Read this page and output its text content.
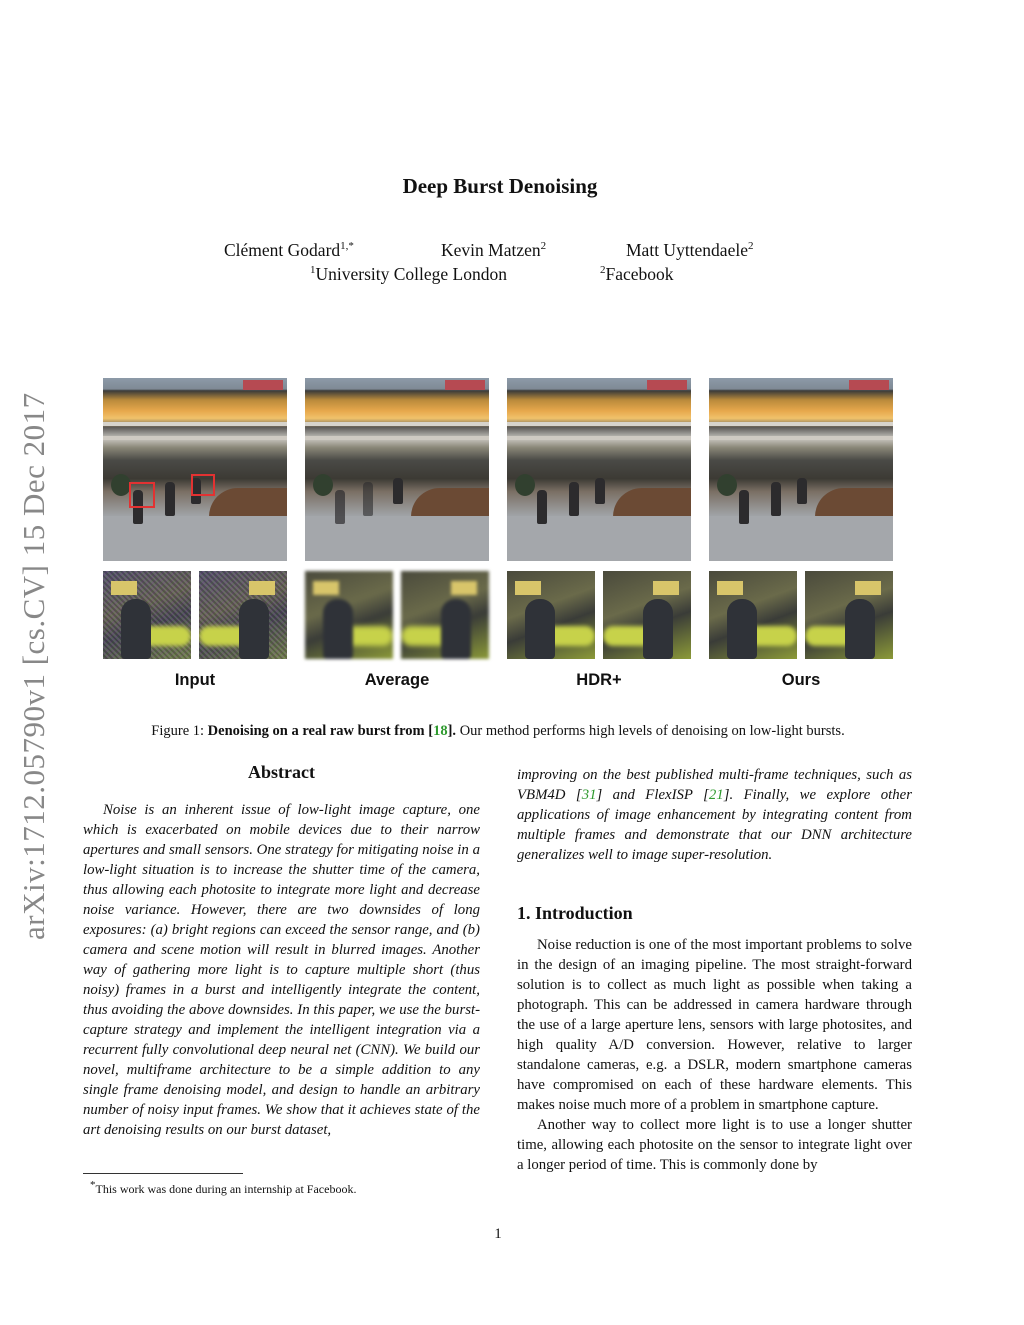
arXiv:1712.05790v1 [cs.CV] 15 Dec 2017
Deep Burst Denoising
Clément Godard$^{1,*}$	Kevin Matzen$^2$	Matt Uyttendaele$^2$
$^1$University College London	$^2$Facebook
Input	Average	HDR+	Ours
Figure 1: Denoising on a real raw burst from [18]. Our method performs high levels of denoising on low-light bursts.
Abstract

Noise is an inherent issue of low-light image capture, one which is exacerbated on mobile devices due to their narrow apertures and small sensors. One strategy for mitigating noise in a low-light situation is to increase the shutter time of the camera, thus allowing each photosite to integrate more light and decrease noise variance. However, there are two downsides of long exposures: (a) bright regions can exceed the sensor range, and (b) camera and scene motion will result in blurred images. Another way of gathering more light is to capture multiple short (thus noisy) frames in a burst and intelligently integrate the content, thus avoiding the above downsides. In this paper, we use the burst-capture strategy and implement the intelligent integration via a recurrent fully convolutional deep neural net (CNN). We build our novel, multiframe architecture to be a simple addition to any single frame denoising model, and design to handle an arbitrary number of noisy input frames. We show that it achieves state of the art denoising results on our burst dataset,

improving on the best published multi-frame techniques, such as VBM4D [31] and FlexISP [21]. Finally, we explore other applications of image enhancement by integrating content from multiple frames and demonstrate that our DNN architecture generalizes well to image super-resolution.

1. Introduction

Noise reduction is one of the most important problems to solve in the design of an imaging pipeline. The most straight-forward solution is to collect as much light as possible when taking a photograph. This can be addressed in camera hardware through the use of a large aperture lens, sensors with large photosites, and high quality A/D conversion. However, relative to larger standalone cameras, e.g. a DSLR, modern smartphone cameras have compromised on each of these hardware elements. This makes noise much more of a problem in smartphone capture.

Another way to collect more light is to use a longer shutter time, allowing each photosite on the sensor to integrate light over a longer period of time. This is commonly done by

*This work was done during an internship at Facebook.
1
